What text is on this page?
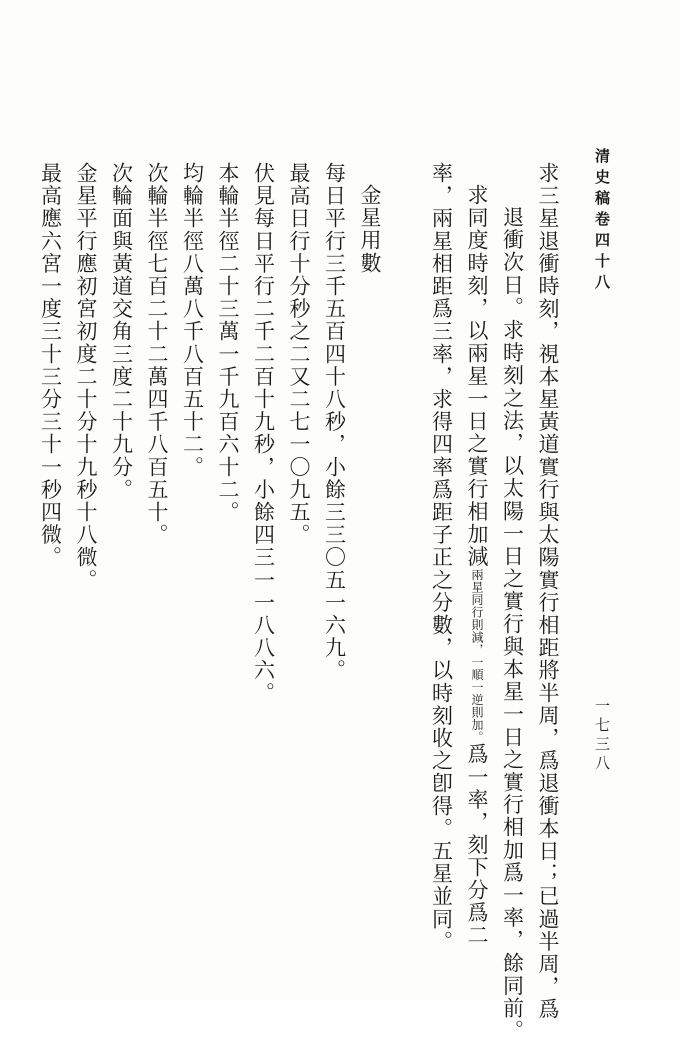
清史稿卷四十八
一七三八
求三星退衝時刻，視本星黃道實行與太陽實行相距將半周，爲退衝本日；已過半周，爲
退衝次日。求時刻之法，以太陽一日之實行與本星一日之實行相加爲一率，餘同前。
求同度時刻，以兩星一日之實行相加減兩星同行則減，一順一逆則加。爲一率，刻下分爲二
率，兩星相距爲三率，求得四率爲距子正之分數，以時刻收之卽得。五星並同。
金星用數
每日平行三千五百四十八秒，小餘三三〇五一六九。
最高日行十分秒之二又二七一〇九五。
伏見每日平行二千二百十九秒，小餘四三一一八八六。
本輪半徑二十三萬一千九百六十二。
均輪半徑八萬八千八百五十二。
次輪半徑七百二十二萬四千八百五十。
次輪面與黃道交角三度二十九分。
金星平行應初宮初度二十分十九秒十八微。
最高應六宮一度三十三分三十一秒四微。
